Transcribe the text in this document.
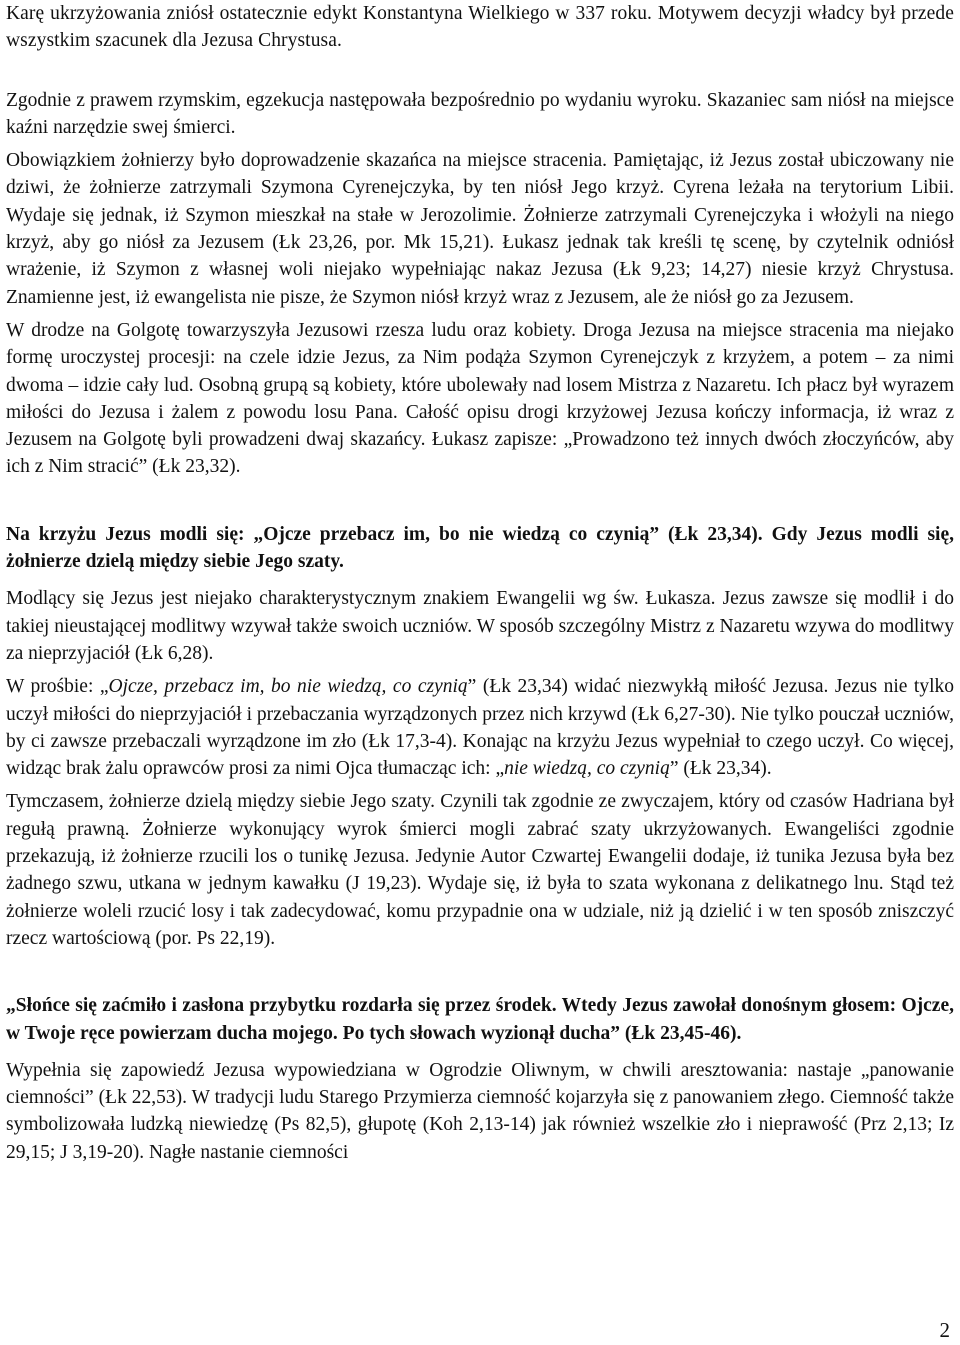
Karę ukrzyżowania zniósł ostatecznie edykt Konstantyna Wielkiego w 337 roku. Motywem decyzji władcy był przede wszystkim szacunek dla Jezusa Chrystusa.

Zgodnie z prawem rzymskim, egzekucja następowała bezpośrednio po wydaniu wyroku. Skazaniec sam niósł na miejsce kaźni narzędzie swej śmierci.

Obowiązkiem żołnierzy było doprowadzenie skazańca na miejsce stracenia. Pamiętając, iż Jezus został ubiczowany nie dziwi, że żołnierze zatrzymali Szymona Cyrenejczyka, by ten niósł Jego krzyż. Cyrena leżała na terytorium Libii. Wydaje się jednak, iż Szymon mieszkał na stałe w Jerozolimie. Żołnierze zatrzymali Cyrenejczyka i włożyli na niego krzyż, aby go niósł za Jezusem (Łk 23,26, por. Mk 15,21). Łukasz jednak tak kreśli tę scenę, by czytelnik odniósł wrażenie, iż Szymon z własnej woli niejako wypełniając nakaz Jezusa (Łk 9,23; 14,27) niesie krzyż Chrystusa. Znamienne jest, iż ewangelista nie pisze, że Szymon niósł krzyż wraz z Jezusem, ale że niósł go za Jezusem.

W drodze na Golgotę towarzyszyła Jezusowi rzesza ludu oraz kobiety. Droga Jezusa na miejsce stracenia ma niejako formę uroczystej procesji: na czele idzie Jezus, za Nim podąża Szymon Cyrenejczyk z krzyżem, a potem – za nimi dwoma – idzie cały lud. Osobną grupą są kobiety, które ubolewały nad losem Mistrza z Nazaretu. Ich płacz był wyrazem miłości do Jezusa i żalem z powodu losu Pana. Całość opisu drogi krzyżowej Jezusa kończy informacja, iż wraz z Jezusem na Golgotę byli prowadzeni dwaj skazańcy. Łukasz zapisze: „Prowadzono też innych dwóch złoczyńców, aby ich z Nim stracić” (Łk 23,32).

Na krzyżu Jezus modli się: „Ojcze przebacz im, bo nie wiedzą co czynią” (Łk 23,34). Gdy Jezus modli się, żołnierze dzielą między siebie Jego szaty.

Modlący się Jezus jest niejako charakterystycznym znakiem Ewangelii wg św. Łukasza. Jezus zawsze się modlił i do takiej nieustającej modlitwy wzywał także swoich uczniów. W sposób szczególny Mistrz z Nazaretu wzywa do modlitwy za nieprzyjaciół (Łk 6,28).

W prośbie: „Ojcze, przebacz im, bo nie wiedzą, co czynią” (Łk 23,34) widać niezwykłą miłość Jezusa. Jezus nie tylko uczył miłości do nieprzyjaciół i przebaczania wyrządzonych przez nich krzywd (Łk 6,27-30). Nie tylko pouczał uczniów, by ci zawsze przebaczali wyrządzone im zło (Łk 17,3-4). Konając na krzyżu Jezus wypełniał to czego uczył. Co więcej, widząc brak żalu oprawców prosi za nimi Ojca tłumacząc ich: „nie wiedzą, co czynią” (Łk 23,34).

Tymczasem, żołnierze dzielą między siebie Jego szaty. Czynili tak zgodnie ze zwyczajem, który od czasów Hadriana był regułą prawną. Żołnierze wykonujący wyrok śmierci mogli zabrać szaty ukrzyżowanych. Ewangeliści zgodnie przekazują, iż żołnierze rzucili los o tunikę Jezusa. Jedynie Autor Czwartej Ewangelii dodaje, iż tunika Jezusa była bez żadnego szwu, utkana w jednym kawałku (J 19,23). Wydaje się, iż była to szata wykonana z delikatnego lnu. Stąd też żołnierze woleli rzucić losy i tak zadecydować, komu przypadnie ona w udziale, niż ją dzielić i w ten sposób zniszczyć rzecz wartościową (por. Ps 22,19).

„Słońce się zaćmiło i zasłona przybytku rozdarła się przez środek. Wtedy Jezus zawołał donośnym głosem: Ojcze, w Twoje ręce powierzam ducha mojego. Po tych słowach wyzionął ducha” (Łk 23,45-46).

Wypełnia się zapowiedź Jezusa wypowiedziana w Ogrodzie Oliwnym, w chwili aresztowania: nastaje „panowanie ciemności” (Łk 22,53). W tradycji ludu Starego Przymierza ciemność kojarzyła się z panowaniem złego. Ciemność także symbolizowała ludzką niewiedzę (Ps 82,5), głupotę (Koh 2,13-14) jak również wszelkie zło i nieprawość (Prz 2,13; Iz 29,15; J 3,19-20). Nagłe nastanie ciemności

2
